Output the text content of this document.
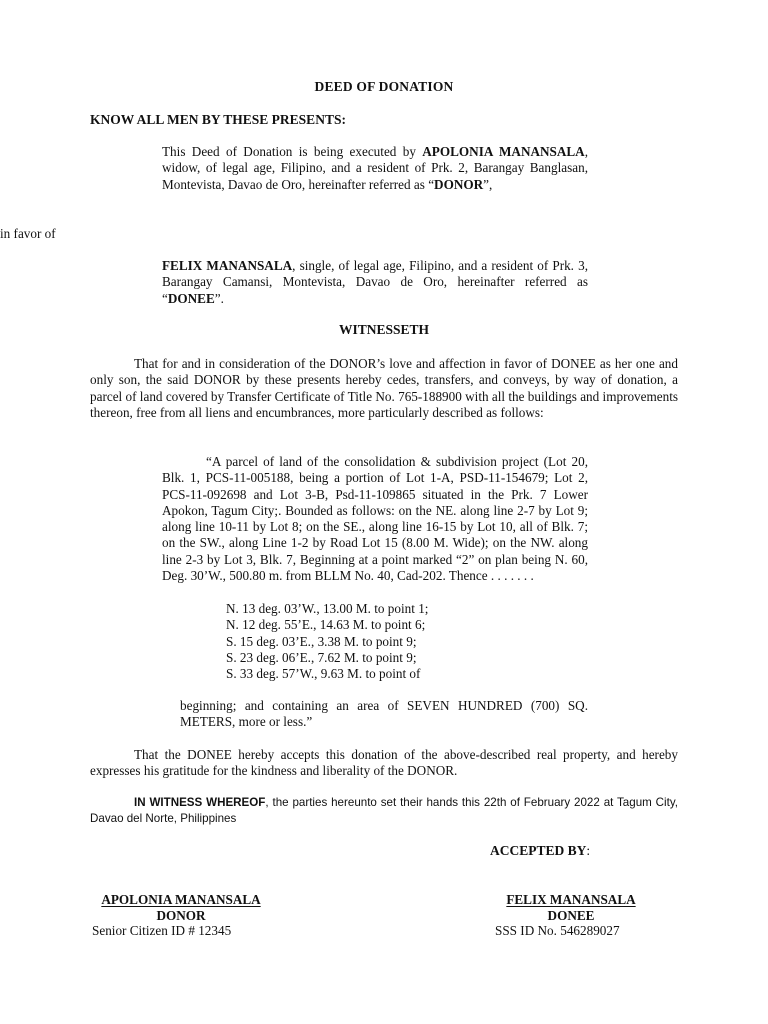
DEED OF DONATION
KNOW ALL MEN BY THESE PRESENTS:

This Deed of Donation is being executed by APOLONIA MANANSALA, widow, of legal age, Filipino, and a resident of Prk. 2, Barangay Banglasan, Montevista, Davao de Oro, hereinafter referred as “DONOR”,

in favor of

FELIX MANANSALA, single, of legal age, Filipino, and a resident of Prk. 3, Barangay Camansi, Montevista, Davao de Oro, hereinafter referred as “DONEE”.

WITNESSETH

That for and in consideration of the DONOR’s love and affection in favor of DONEE as her one and only son, the said DONOR by these presents hereby cedes, transfers, and conveys, by way of donation, a parcel of land covered by Transfer Certificate of Title No. 765-188900 with all the buildings and improvements thereon, free from all liens and encumbrances, more particularly described as follows:

“A parcel of land of the consolidation & subdivision project (Lot 20, Blk. 1, PCS-11-005188, being a portion of Lot 1-A, PSD-11-154679; Lot 2, PCS-11-092698 and Lot 3-B, Psd-11-109865 situated in the Prk. 7 Lower Apokon, Tagum City;. Bounded as follows: on the NE. along line 2-7 by Lot 9; along line 10-11 by Lot 8; on the SE., along line 16-15 by Lot 10, all of Blk. 7; on the SW., along Line 1-2 by Road Lot 15 (8.00 M. Wide); on the NW. along line 2-3 by Lot 3, Blk. 7, Beginning at a point marked “2” on plan being N. 60, Deg. 30’W., 500.80 m. from BLLM No. 40, Cad-202. Thence . . . . . . .

N. 13 deg. 03’W., 13.00 M. to point 1;
N. 12 deg. 55’E., 14.63 M. to point 6;
S. 15 deg. 03’E., 3.38 M. to point 9;
S. 23 deg. 06’E., 7.62 M. to point 9;
S. 33 deg. 57’W., 9.63 M. to point of

beginning; and containing an area of SEVEN HUNDRED (700) SQ. METERS, more or less.”

That the DONEE hereby accepts this donation of the above-described real property, and hereby expresses his gratitude for the kindness and liberality of the DONOR.

IN WITNESS WHEREOF, the parties hereunto set their hands this 22th of February 2022 at Tagum City, Davao del Norte, Philippines

ACCEPTED BY:
APOLONIA MANANSALA
DONOR
Senior Citizen ID # 12345
FELIX MANANSALA
DONEE
SSS ID No. 546289027
